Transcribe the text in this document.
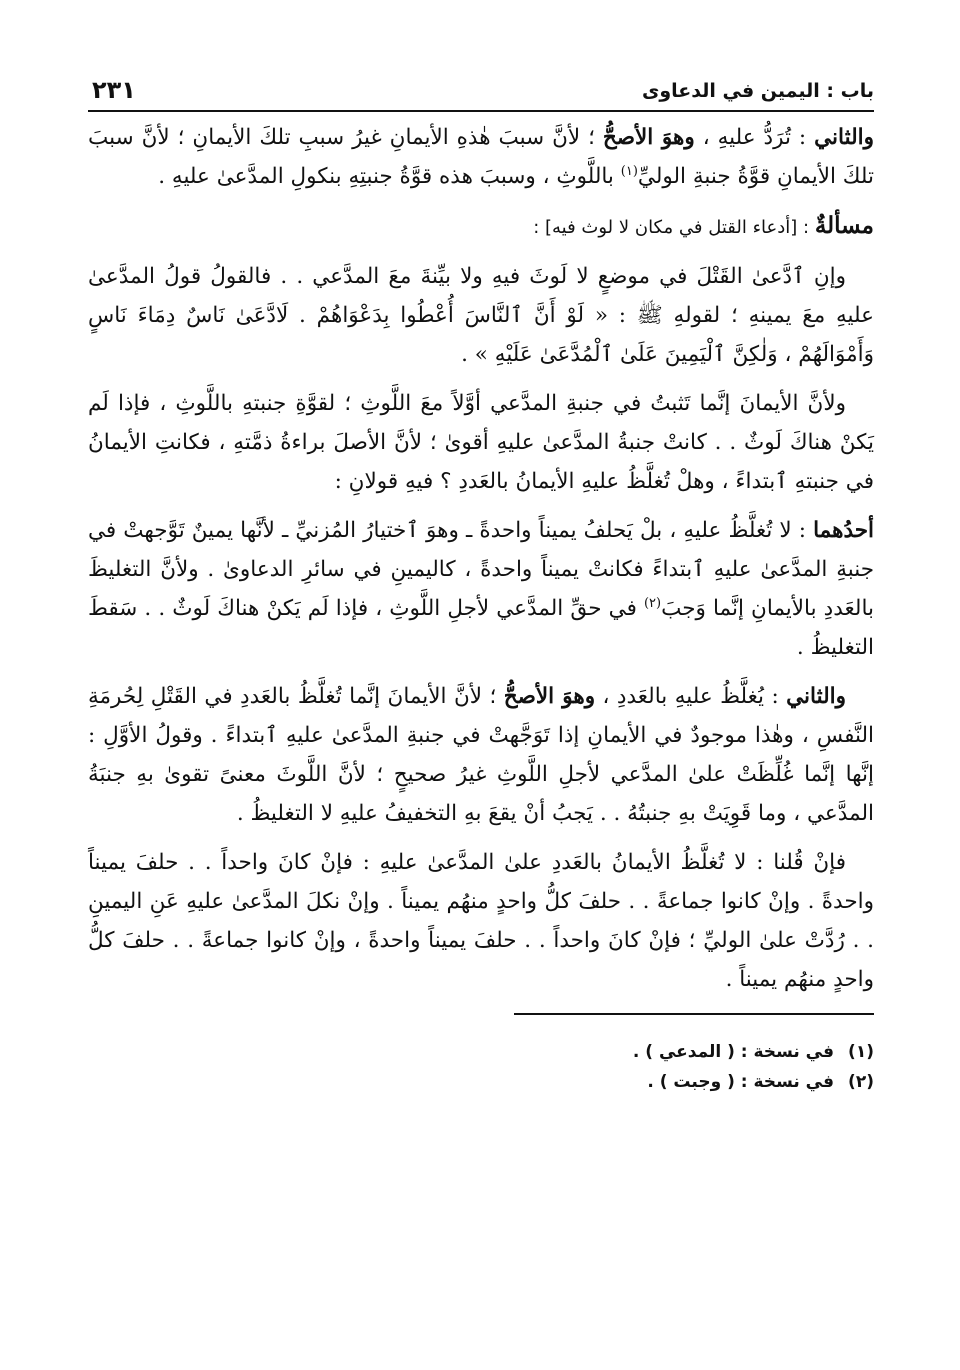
باب : اليمين في الدعاوى
٢٣١

والثاني : تُرَدُّ عليهِ ، وهوَ الأصحُّ ؛ لأنَّ سببَ هٰذهِ الأيمانِ غيرُ سببِ تلكَ الأيمانِ ؛ لأنَّ سببَ تلكَ الأيمانِ قوَّةُ جنبةِ الوليِّ$^{(١)}$ باللَّوثِ ، وسببَ هذه قوَّةُ جنبتِهِ بنكولِ المدَّعىٰ عليهِ .

مسألةٌ : [أدعاء القتل في مكان لا لوث فيه] :

وإنِ ٱدَّعىٰ القَتْلَ في موضعٍ لا لَوثَ فيهِ ولا بيِّنةَ معَ المدَّعي . . فالقولُ قولُ المدَّعىٰ عليهِ معَ يمينهِ ؛ لقولهِ ﷺ : « لَوْ أَنَّ ٱلنَّاسَ أُعْطُوا بِدَعْوَاهُمْ . لَادَّعَىٰ نَاسٌ دِمَاءَ نَاسٍ وَأَمْوَالَهُمْ ، وَلٰكِنَّ ٱلْيَمِينَ عَلَىٰ ٱلْمُدَّعَىٰ عَلَيْهِ » .

ولأنَّ الأيمانَ إنَّما تَثبتُ في جنبةِ المدَّعي أوَّلاً معَ اللَّوثِ ؛ لقوَّةِ جنبتهِ باللَّوثِ ، فإذا لَم يَكنْ هناكَ لَوثٌ . . كانتْ جنبةُ المدَّعىٰ عليهِ أقوىٰ ؛ لأنَّ الأصلَ براءةُ ذمَّتهِ ، فكانتِ الأيمانُ في جنبتهِ ٱبتداءً ، وهلْ تُغلَّظُ عليهِ الأيمانُ بالعَددِ ؟ فيهِ قولانِ :

أحدُهما : لا تُغلَّظُ عليهِ ، بلْ يَحلفُ يميناً واحدةً ـ وهوَ ٱختيارُ المُزنيِّ ـ لأنَّها يمينٌ تَوَّجهتْ في جنبةِ المدَّعىٰ عليهِ ٱبتداءً فكانتْ يميناً واحدةً ، كاليمينِ في سائرِ الدعاوىٰ . ولأنَّ التغليظَ بالعَددِ بالأيمانِ إنَّما وَجبَ$^{(٢)}$ في حقِّ المدَّعي لأجلِ اللَّوثِ ، فإذا لَم يَكنْ هناكَ لَوثٌ . . سَقطَ التغليظُ .

والثاني : يُغلَّظُ عليهِ بالعَددِ ، وهوَ الأصحُّ ؛ لأنَّ الأيمانَ إنَّما تُغلَّظُ بالعَددِ في القَتْلِ لِحُرمَةِ النَّفسِ ، وهٰذا موجودٌ في الأيمانِ إذا تَوَجَّهتْ في جنبةِ المدَّعىٰ عليهِ ٱبتداءً . وقولُ الأوَّلِ : إنَّها إنَّما غُلِّظَتْ علىٰ المدَّعي لأجلِ اللَّوثِ غيرُ صحيحٍ ؛ لأنَّ اللَّوثَ معنىً تقوىٰ بهِ جنبَةُ المدَّعي ، وما قَوِيَتْ بهِ جنبتُهُ . . يَجبُ أنْ يقعَ بهِ التخفيفُ عليهِ لا التغليظُ .

فإنْ قُلنا : لا تُغلَّظُ الأيمانُ بالعَددِ علىٰ المدَّعىٰ عليهِ : فإنْ كانَ واحداً . . حلفَ يميناً واحدةً . وإنْ كانوا جماعةً . . حلفَ كلُّ واحدٍ منهُم يميناً . وإنْ نكلَ المدَّعىٰ عليهِ عَنِ اليمينِ . . رُدَّتْ علىٰ الوليِّ ؛ فإنْ كانَ واحداً . . حلفَ يميناً واحدةً ، وإنْ كانوا جماعةً . . حلفَ كلُّ واحدٍ منهُم يميناً .

(١)
في نسخة : ( المدعي ) .
(٢)
في نسخة : ( وجبت ) .
